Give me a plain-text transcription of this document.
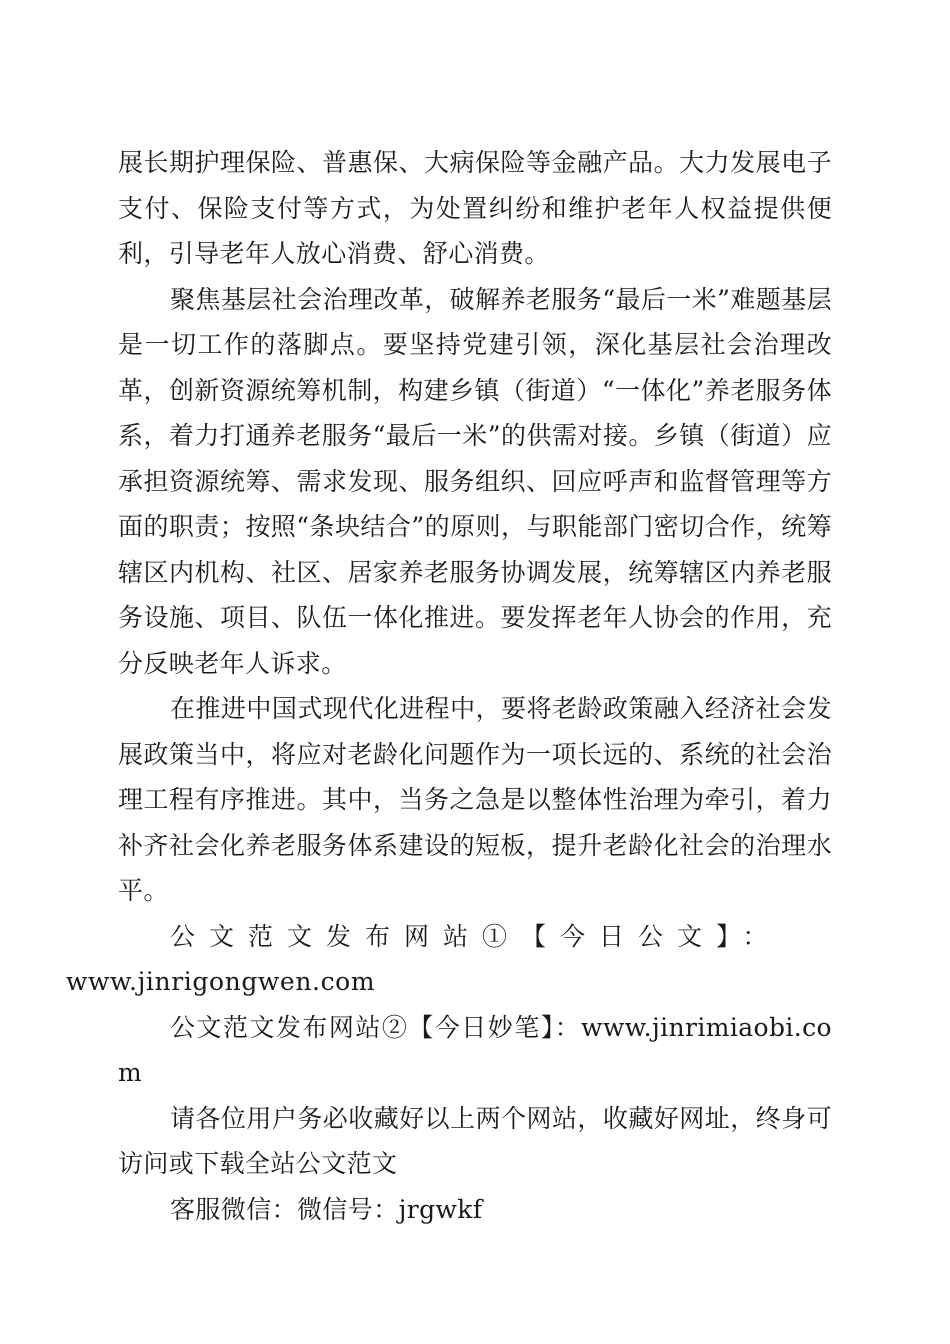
展长期护理保险、普惠保、大病保险等金融产品。大力发展电子支付、保险支付等方式，为处置纠纷和维护老年人权益提供便利，引导老年人放心消费、舒心消费。

聚焦基层社会治理改革，破解养老服务“最后一米”难题基层是一切工作的落脚点。要坚持党建引领，深化基层社会治理改革，创新资源统筹机制，构建乡镇（街道）“一体化”养老服务体系，着力打通养老服务“最后一米”的供需对接。乡镇（街道）应承担资源统筹、需求发现、服务组织、回应呼声和监督管理等方面的职责；按照“条块结合”的原则，与职能部门密切合作，统筹辖区内机构、社区、居家养老服务协调发展，统筹辖区内养老服务设施、项目、队伍一体化推进。要发挥老年人协会的作用，充分反映老年人诉求。

在推进中国式现代化进程中，要将老龄政策融入经济社会发展政策当中，将应对老龄化问题作为一项长远的、系统的社会治理工程有序推进。其中，当务之急是以整体性治理为牵引，着力补齐社会化养老服务体系建设的短板，提升老龄化社会的治理水平。

公文范文发布网站①【今日公文】：
www.jinrigongwen.com

公文范文发布网站②【今日妙笔】：www.jinrimiaobi.com

请各位用户务必收藏好以上两个网站，收藏好网址，终身可访问或下载全站公文范文

客服微信：微信号：jrgwkf
